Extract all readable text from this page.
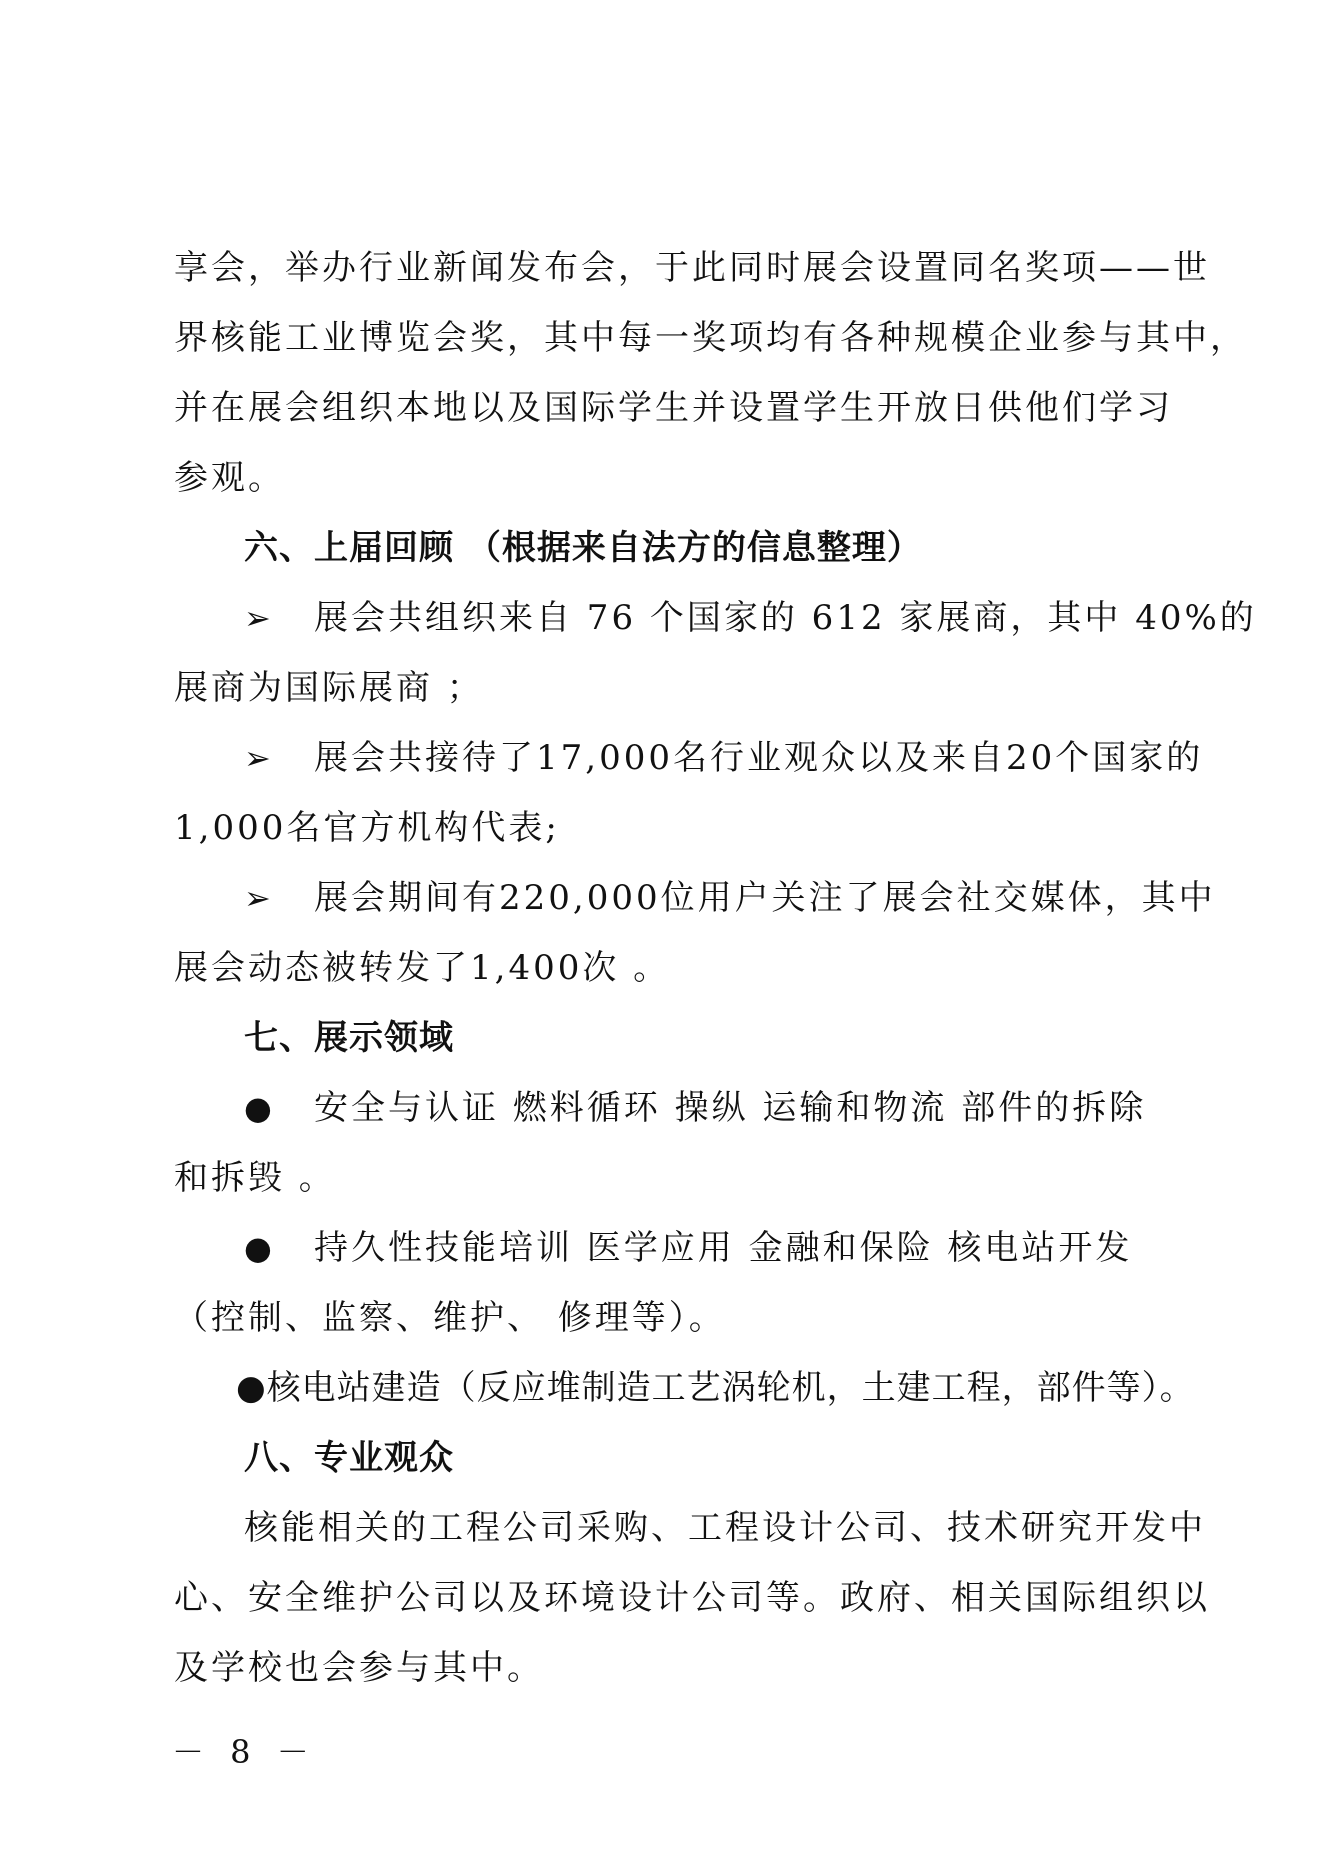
享会，举办行业新闻发布会，于此同时展会设置同名奖项——世
界核能工业博览会奖，其中每一奖项均有各种规模企业参与其中，
并在展会组织本地以及国际学生并设置学生开放日供他们学习
参观。
六、上届回顾 （根据来自法方的信息整理）
➢ 展会共组织来自 76 个国家的 612 家展商，其中 40%的
展商为国际展商 ；
➢ 展会共接待了17,000名行业观众以及来自20个国家的
1,000名官方机构代表;
➢ 展会期间有220,000位用户关注了展会社交媒体，其中
展会动态被转发了1,400次 。
七、展示领域
● 安全与认证 燃料循环 操纵 运输和物流 部件的拆除
和拆毁 。
● 持久性技能培训 医学应用 金融和保险 核电站开发
（控制、监察、维护、 修理等）。
●核电站建造（反应堆制造工艺涡轮机，土建工程，部件等）。
八、专业观众
核能相关的工程公司采购、工程设计公司、技术研究开发中
心、安全维护公司以及环境设计公司等。政府、相关国际组织以
及学校也会参与其中。
－ 8 －
